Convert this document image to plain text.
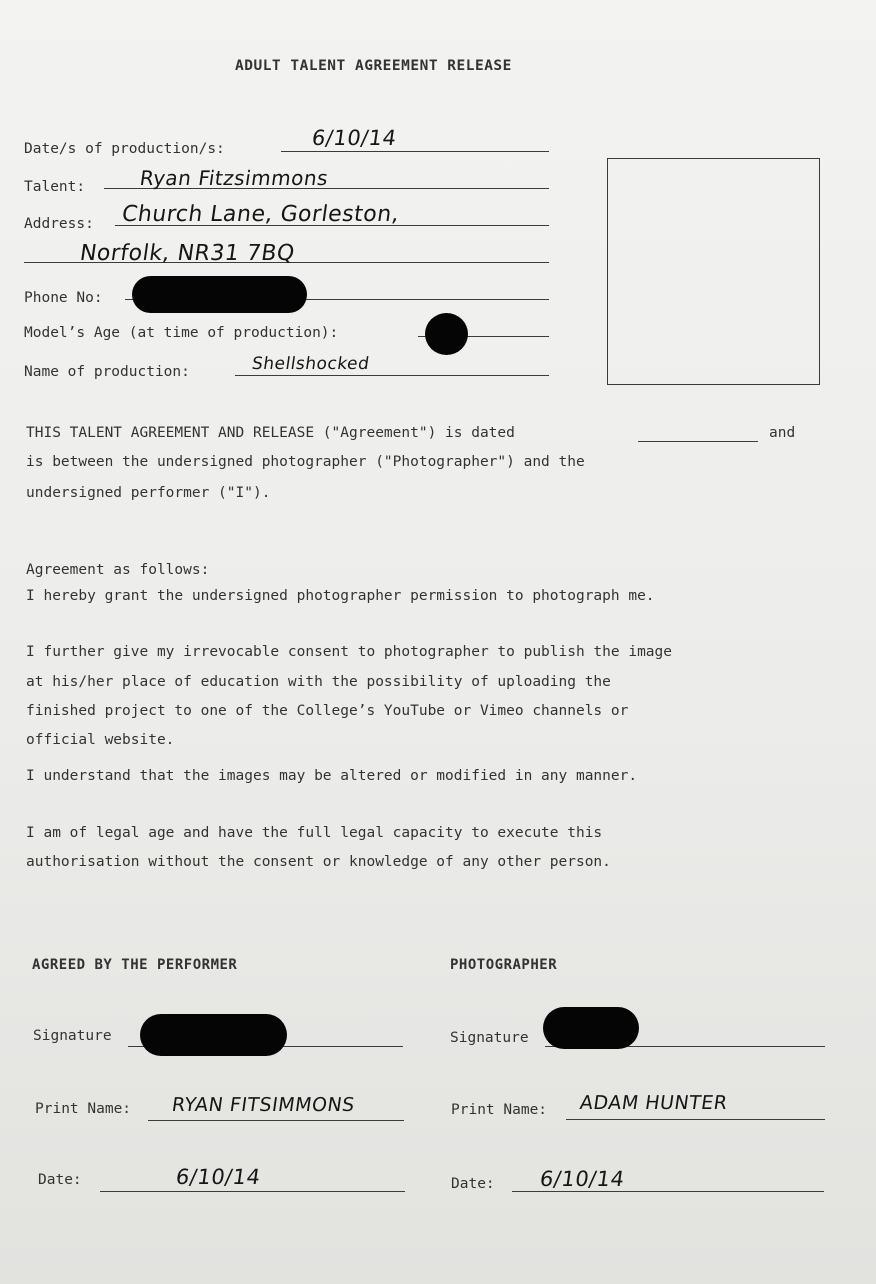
ADULT TALENT AGREEMENT RELEASE
Date/s of production/s:	6/10/14
Talent:	Ryan Fitzsimmons
Address: Church Lane, Gorleston,
Norfolk, NR31 7BQ
Phone No:
Model’s Age (at time of production):
Name of production:	Shellshocked
THIS TALENT AGREEMENT AND RELEASE ("Agreement") is dated	and
is between the undersigned photographer ("Photographer") and the
undersigned performer ("I").
Agreement as follows:
I hereby grant the undersigned photographer permission to photograph me.
I further give my irrevocable consent to photographer to publish the image
at his/her place of education with the possibility of uploading the
finished project to one of the College’s YouTube or Vimeo channels or
official website.
I understand that the images may be altered or modified in any manner.
I am of legal age and have the full legal capacity to execute this
authorisation without the consent or knowledge of any other person.
AGREED BY THE PERFORMER
Signature
Print Name: RYAN FITSIMMONS
Date:	6/10/14
PHOTOGRAPHER
Signature
Print Name: ADAM HUNTER
Date: 6/10/14
